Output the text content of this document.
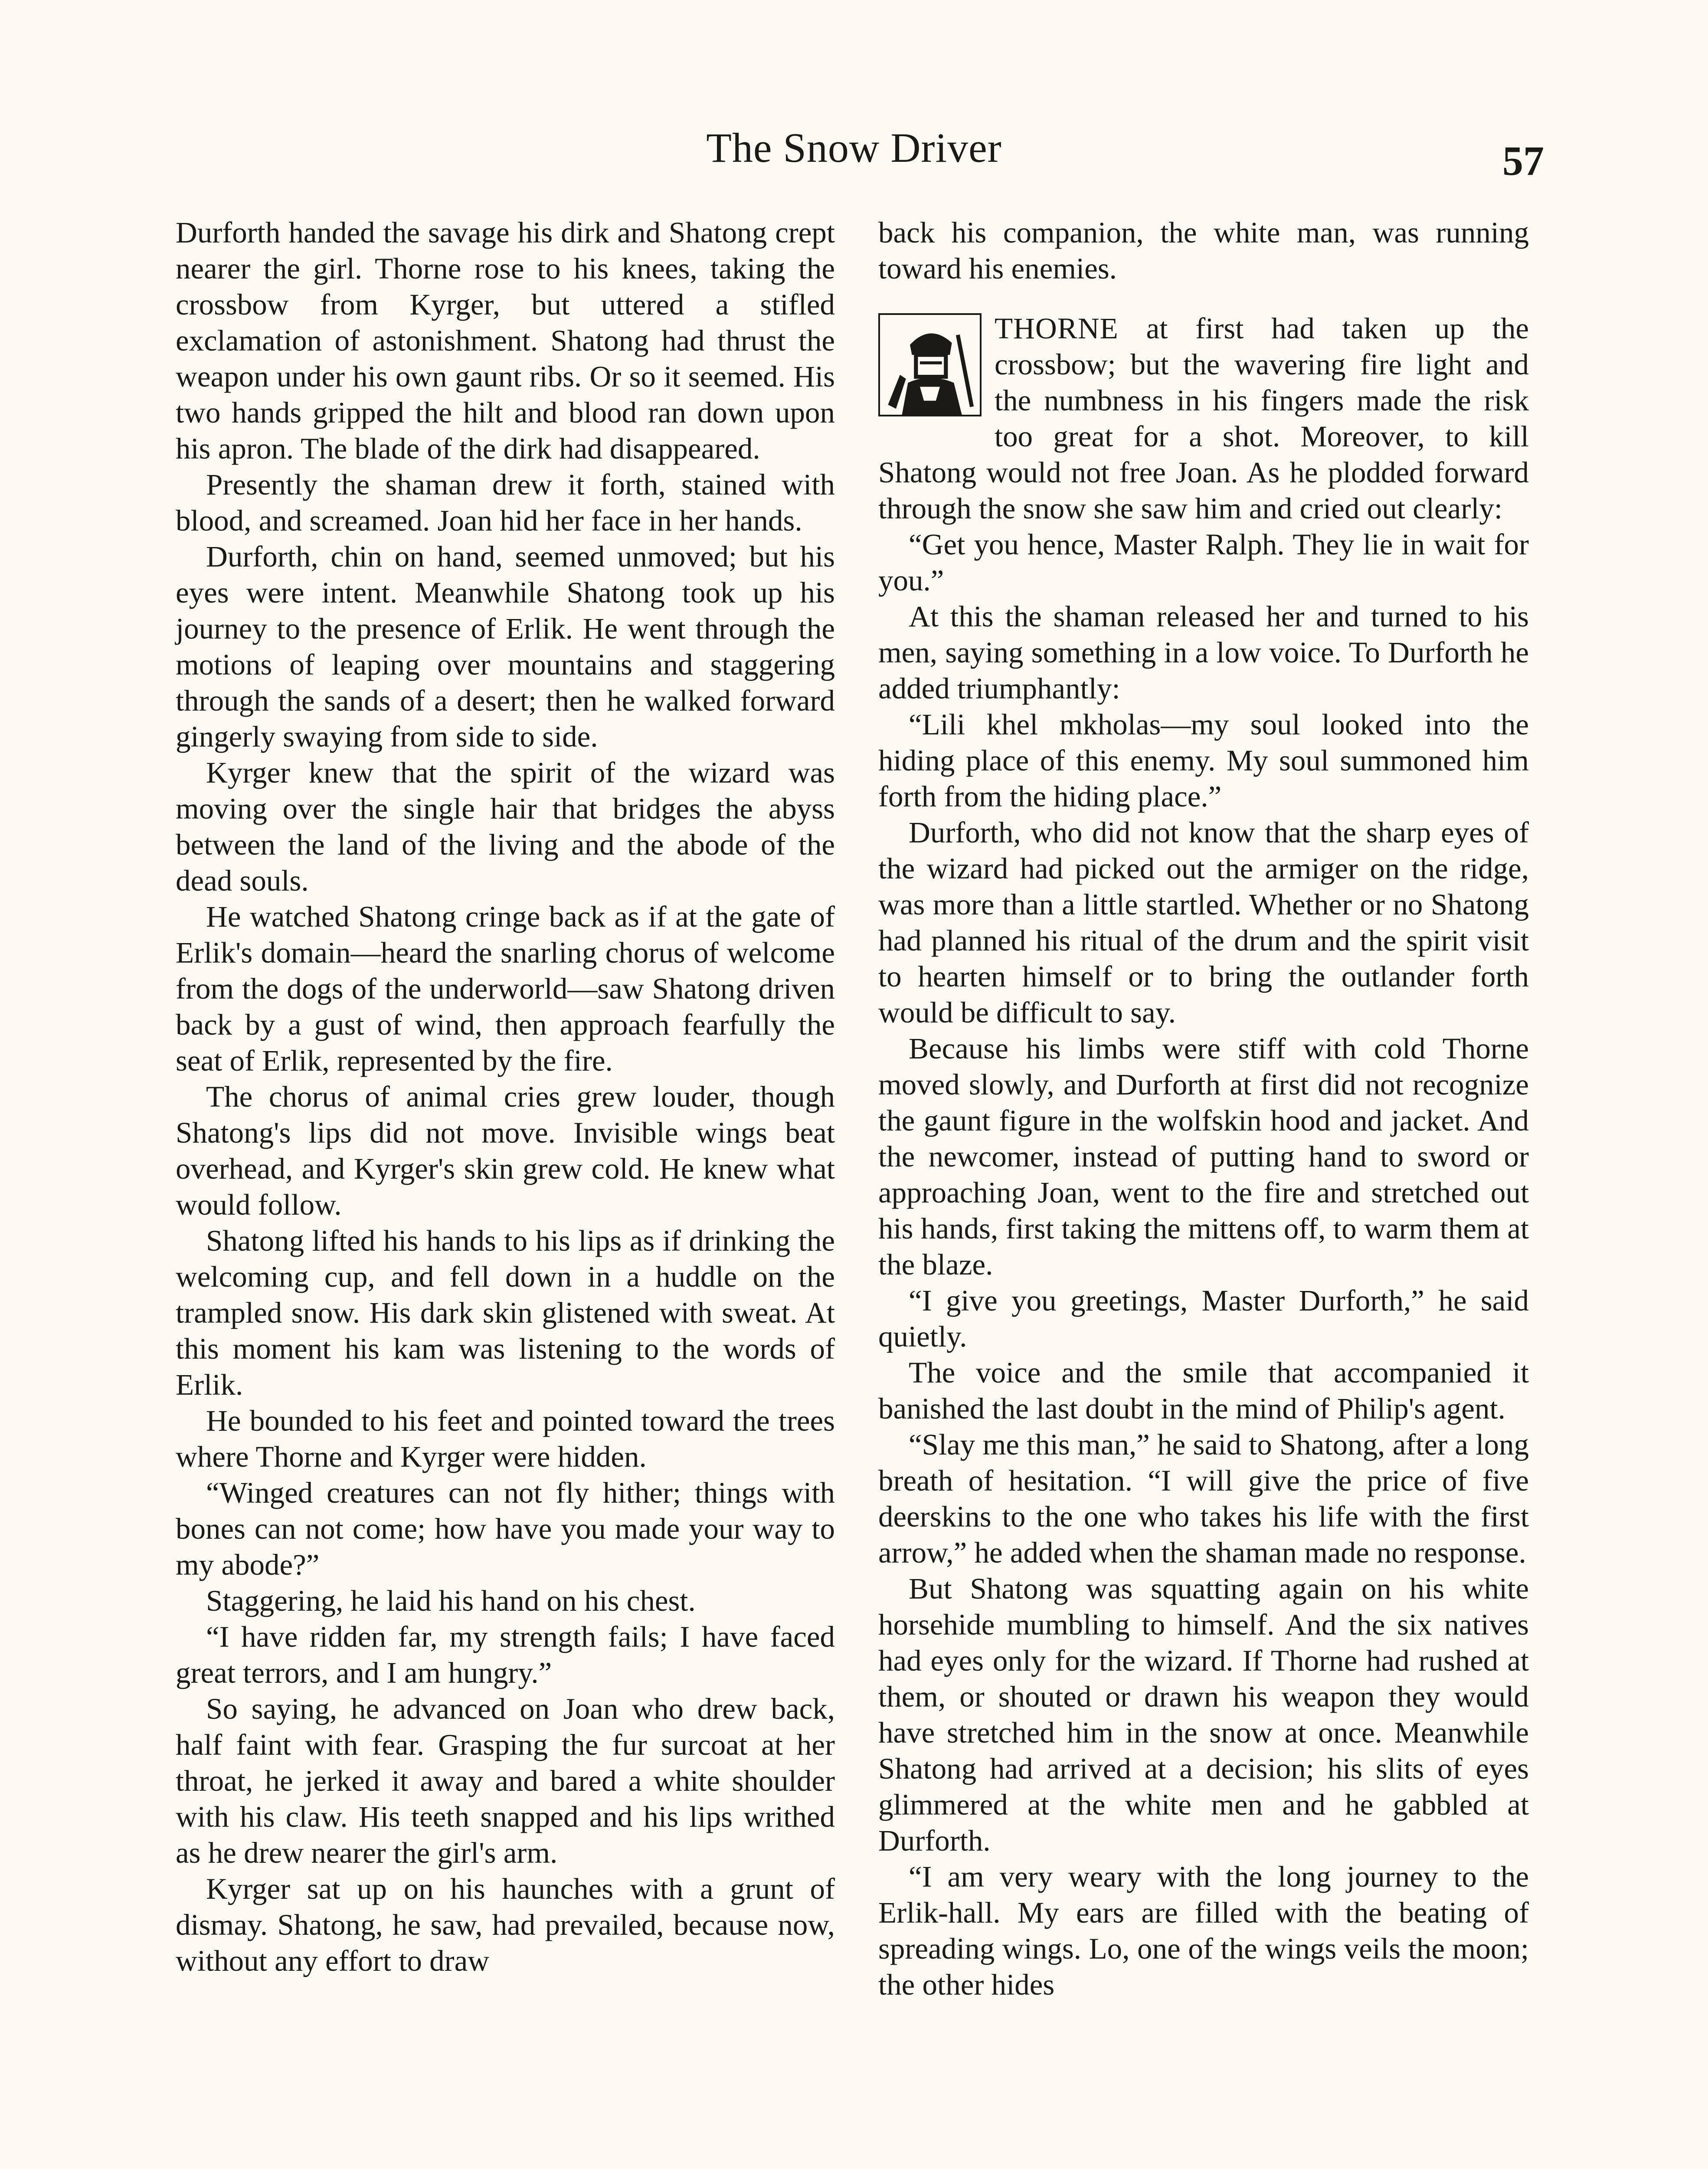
The Snow Driver	57

Durforth handed the savage his dirk and Shatong crept nearer the girl. Thorne rose to his knees, taking the crossbow from Kyrger, but uttered a stifled exclamation of astonishment. Shatong had thrust the weapon under his own gaunt ribs. Or so it seemed. His two hands gripped the hilt and blood ran down upon his apron. The blade of the dirk had disappeared.

Presently the shaman drew it forth, stained with blood, and screamed. Joan hid her face in her hands.

Durforth, chin on hand, seemed unmoved; but his eyes were intent. Meanwhile Shatong took up his journey to the presence of Erlik. He went through the motions of leaping over mountains and staggering through the sands of a desert; then he walked forward gingerly swaying from side to side.

Kyrger knew that the spirit of the wizard was moving over the single hair that bridges the abyss between the land of the living and the abode of the dead souls.

He watched Shatong cringe back as if at the gate of Erlik's domain—heard the snarling chorus of welcome from the dogs of the underworld—saw Shatong driven back by a gust of wind, then approach fearfully the seat of Erlik, represented by the fire.

The chorus of animal cries grew louder, though Shatong's lips did not move. Invisible wings beat overhead, and Kyrger's skin grew cold. He knew what would follow.

Shatong lifted his hands to his lips as if drinking the welcoming cup, and fell down in a huddle on the trampled snow. His dark skin glistened with sweat. At this moment his kam was listening to the words of Erlik.

He bounded to his feet and pointed toward the trees where Thorne and Kyrger were hidden.

“Winged creatures can not fly hither; things with bones can not come; how have you made your way to my abode?”

Staggering, he laid his hand on his chest.

“I have ridden far, my strength fails; I have faced great terrors, and I am hungry.”

So saying, he advanced on Joan who drew back, half faint with fear. Grasping the fur surcoat at her throat, he jerked it away and bared a white shoulder with his claw. His teeth snapped and his lips writhed as he drew nearer the girl's arm.

Kyrger sat up on his haunches with a grunt of dismay. Shatong, he saw, had prevailed, because now, without any effort to draw

back his companion, the white man, was running toward his enemies.

THORNE at first had taken up the crossbow; but the wavering fire light and the numbness in his fingers made the risk too great for a shot. Moreover, to kill Shatong would not free Joan. As he plodded forward through the snow she saw him and cried out clearly:

“Get you hence, Master Ralph. They lie in wait for you.”

At this the shaman released her and turned to his men, saying something in a low voice. To Durforth he added triumphantly:

“Lili khel mkholas—my soul looked into the hiding place of this enemy. My soul summoned him forth from the hiding place.”

Durforth, who did not know that the sharp eyes of the wizard had picked out the armiger on the ridge, was more than a little startled. Whether or no Shatong had planned his ritual of the drum and the spirit visit to hearten himself or to bring the outlander forth would be difficult to say.

Because his limbs were stiff with cold Thorne moved slowly, and Durforth at first did not recognize the gaunt figure in the wolfskin hood and jacket. And the newcomer, instead of putting hand to sword or approaching Joan, went to the fire and stretched out his hands, first taking the mittens off, to warm them at the blaze.

“I give you greetings, Master Durforth,” he said quietly.

The voice and the smile that accompanied it banished the last doubt in the mind of Philip's agent.

“Slay me this man,” he said to Shatong, after a long breath of hesitation. “I will give the price of five deerskins to the one who takes his life with the first arrow,” he added when the shaman made no response.

But Shatong was squatting again on his white horsehide mumbling to himself. And the six natives had eyes only for the wizard. If Thorne had rushed at them, or shouted or drawn his weapon they would have stretched him in the snow at once. Meanwhile Shatong had arrived at a decision; his slits of eyes glimmered at the white men and he gabbled at Durforth.

“I am very weary with the long journey to the Erlik-hall. My ears are filled with the beating of spreading wings. Lo, one of the wings veils the moon; the other hides
